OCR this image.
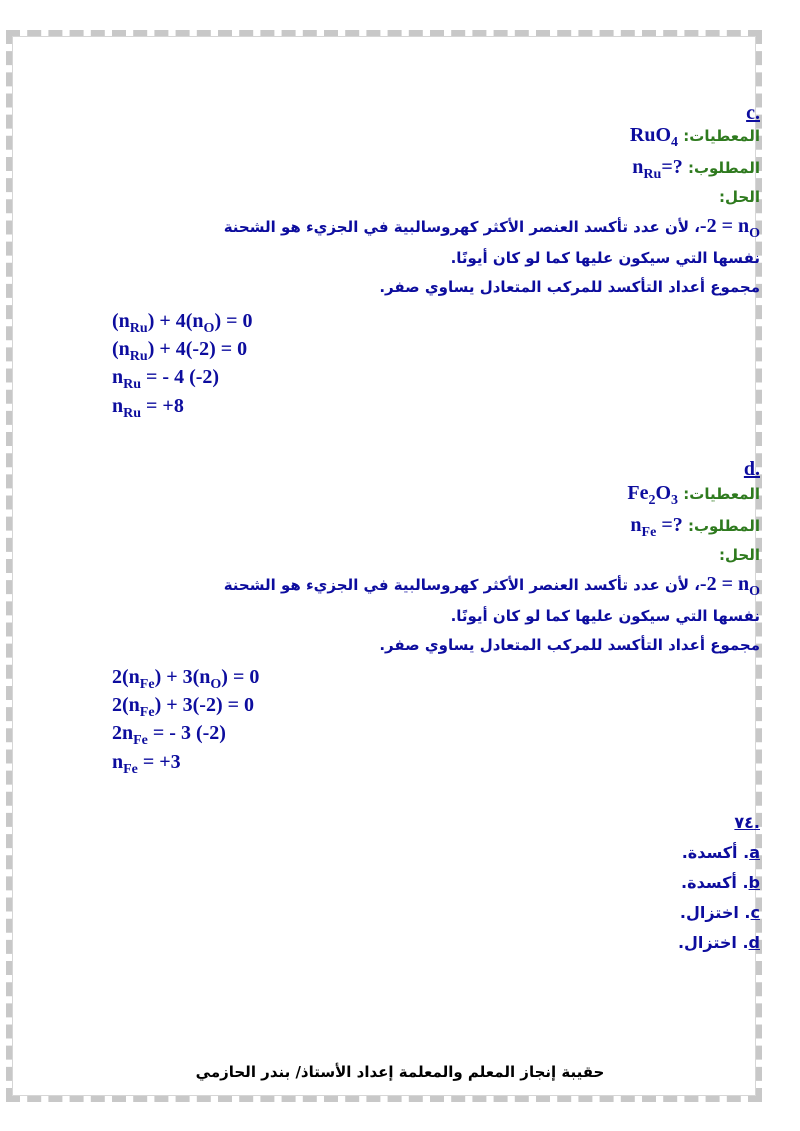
.c
المعطيات: RuO$_4$
المطلوب: $n_{Ru}=$?
الحل:
$-2 = n_O،$ لأن عدد تأكسد العنصر الأكثر كهروسالبية في الجزيء هو الشحنة
نفسها التي سيكون عليها كما لو كان أيونًا.
مجموع أعداد التأكسد للمركب المتعادل يساوي صفر.
$(n_{Ru}) + 4(n_O) = 0$
$(n_{Ru}) + 4(-2) = 0$
$n_{Ru}$ = - 4 (-2)
$n_{Ru} = +8$
.d
المعطيات: $Fe_2O_3$
المطلوب: $n_{Fe}$ =?
الحل:
$-2 = n_O،$ لأن عدد تأكسد العنصر الأكثر كهروسالبية في الجزيء هو الشحنة
نفسها التي سيكون عليها كما لو كان أيونًا.
مجموع أعداد التأكسد للمركب المتعادل يساوي صفر.
$2(n_{Fe}) + 3(n_O) = 0$
$2(n_{Fe}) + 3(-2) = 0$
$2n_{Fe}$ = - 3 (-2)
$n_{Fe} = +3$
.٧٤
a. أكسدة.
b. أكسدة.
c. اختزال.
d. اختزال.
حقيبة إنجاز المعلم والمعلمة إعداد الأستاذ/ بندر الحازمي
